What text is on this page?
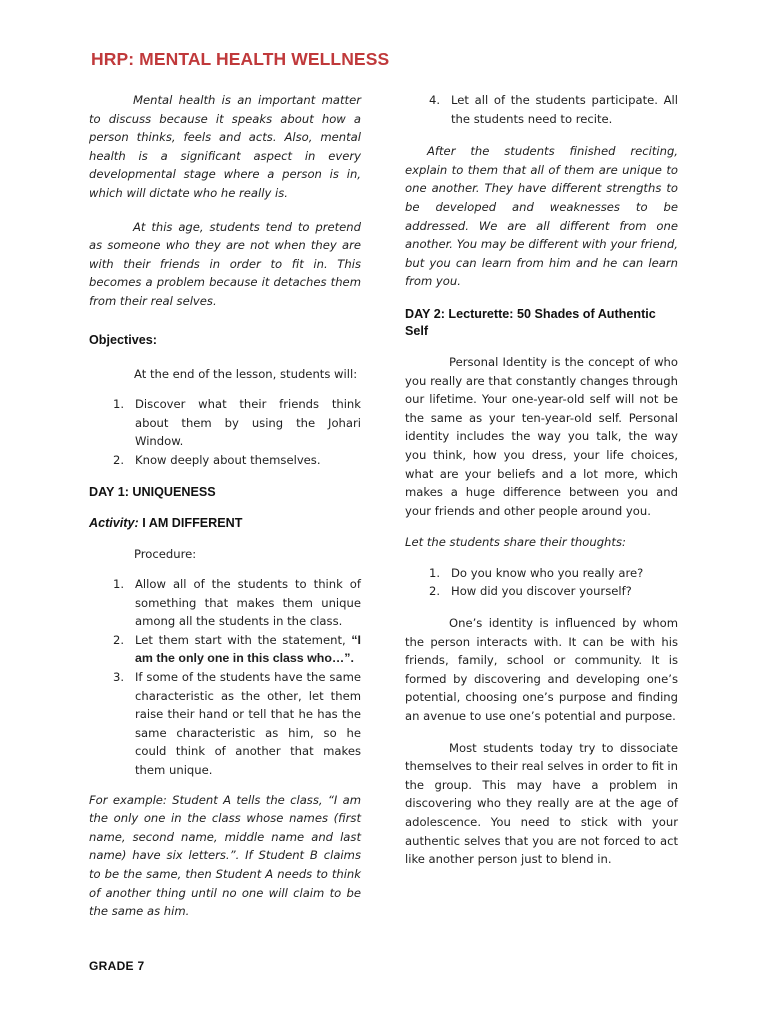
HRP: MENTAL HEALTH WELLNESS

Mental health is an important matter to discuss because it speaks about how a person thinks, feels and acts. Also, mental health is a significant aspect in every developmental stage where a person is in, which will dictate who he really is.

At this age, students tend to pretend as someone who they are not when they are with their friends in order to fit in. This becomes a problem because it detaches them from their real selves.

Objectives:

At the end of the lesson, students will:

1. Discover what their friends think about them by using the Johari Window.
2. Know deeply about themselves.

DAY 1: UNIQUENESS

Activity: I AM DIFFERENT

Procedure:

1. Allow all of the students to think of something that makes them unique among all the students in the class.
2. Let them start with the statement, “I am the only one in this class who…”.
3. If some of the students have the same characteristic as the other, let them raise their hand or tell that he has the same characteristic as him, so he could think of another that makes them unique.

For example: Student A tells the class, “I am the only one in the class whose names (first name, second name, middle name and last name) have six letters.”. If Student B claims to be the same, then Student A needs to think of another thing until no one will claim to be the same as him.

4. Let all of the students participate. All the students need to recite.

After the students finished reciting, explain to them that all of them are unique to one another. They have different strengths to be developed and weaknesses to be addressed. We are all different from one another. You may be different with your friend, but you can learn from him and he can learn from you.

DAY 2: Lecturette: 50 Shades of Authentic Self

Personal Identity is the concept of who you really are that constantly changes through our lifetime. Your one-year-old self will not be the same as your ten-year-old self. Personal identity includes the way you talk, the way you think, how you dress, your life choices, what are your beliefs and a lot more, which makes a huge difference between you and your friends and other people around you.

Let the students share their thoughts:

1. Do you know who you really are?
2. How did you discover yourself?

One’s identity is influenced by whom the person interacts with. It can be with his friends, family, school or community. It is formed by discovering and developing one’s potential, choosing one’s purpose and finding an avenue to use one’s potential and purpose.

Most students today try to dissociate themselves to their real selves in order to fit in the group. This may have a problem in discovering who they really are at the age of adolescence. You need to stick with your authentic selves that you are not forced to act like another person just to blend in.

GRADE 7
